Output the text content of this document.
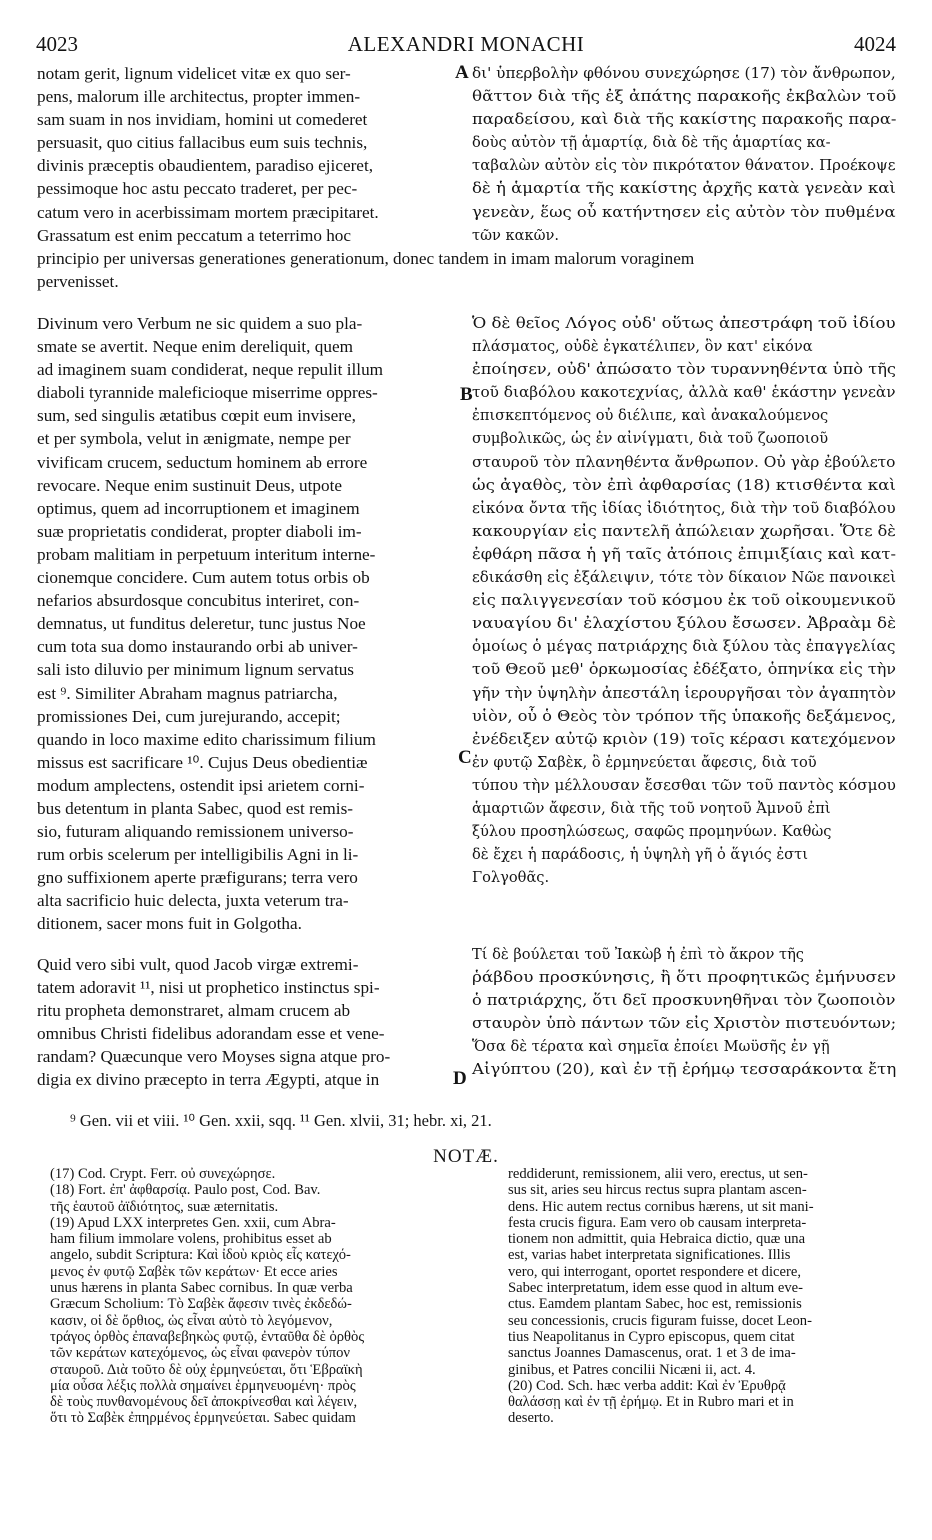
4023	ALEXANDRI MONACHI	4024
notam gerit, lignum videlicet vitæ ex quo ser-
pens, malorum ille architectus, propter immen-
sam suam in nos invidiam, homini ut comederet
persuasit, quo citius fallacibus eum suis technis,
divinis præceptis obaudientem, paradiso ejiceret,
pessimoque hoc astu peccato traderet, per pec-
catum vero in acerbissimam mortem præcipitaret.
Grassatum est enim peccatum a teterrimo hoc
δι' ὑπερβολὴν φθόνου συνεχώρησε (17) τὸν ἄνθρωπον,
θᾶττον διὰ τῆς ἐξ ἀπάτης παρακοῆς ἐκβαλὼν τοῦ
παραδείσου, καὶ διὰ τῆς κακίστης παρακοῆς παρα-
δοὺς αὐτὸν τῇ ἁμαρτίᾳ, διὰ δὲ τῆς ἁμαρτίας κα-
ταβαλὼν αὐτὸν εἰς τὸν πικρότατον θάνατον. Προέκοψε
δὲ ἡ ἁμαρτία τῆς κακίστης ἀρχῆς κατὰ γενεὰν καὶ
γενεὰν, ἕως οὗ κατήντησεν εἰς αὐτὸν τὸν πυθμένα
τῶν κακῶν.
A
principio per universas generationes generationum, donec tandem in imam malorum voraginem
pervenisset.
Divinum vero Verbum ne sic quidem a suo pla-
smate se avertit. Neque enim dereliquit, quem
ad imaginem suam condiderat, neque repulit illum
diaboli tyrannide maleficioque miserrime oppres-
sum, sed singulis ætatibus cœpit eum invisere,
et per symbola, velut in ænigmate, nempe per
vivificam crucem, seductum hominem ab errore
revocare. Neque enim sustinuit Deus, utpote
optimus, quem ad incorruptionem et imaginem
suæ proprietatis condiderat, propter diaboli im-
probam malitiam in perpetuum interitum interne-
cionemque concidere. Cum autem totus orbis ob
nefarios absurdosque concubitus interiret, con-
demnatus, ut funditus deleretur, tunc justus Noe
cum tota sua domo instaurando orbi ab univer-
sali isto diluvio per minimum lignum servatus
est ⁹. Similiter Abraham magnus patriarcha,
promissiones Dei, cum jurejurando, accepit;
quando in loco maxime edito charissimum filium
missus est sacrificare ¹⁰. Cujus Deus obedientiæ
modum amplectens, ostendit ipsi arietem corni-
bus detentum in planta Sabec, quod est remis-
sio, futuram aliquando remissionem universo-
rum orbis scelerum per intelligibilis Agni in li-
gno suffixionem aperte præfigurans; terra vero
alta sacrificio huic delecta, juxta veterum tra-
ditionem, sacer mons fuit in Golgotha.
Ὁ δὲ θεῖος Λόγος οὐδ' οὕτως ἀπεστράφη τοῦ ἰδίου
πλάσματος, οὐδὲ ἐγκατέλιπεν, ὃν κατ' εἰκόνα
ἐποίησεν, οὐδ' ἀπώσατο τὸν τυραννηθέντα ὑπὸ τῆς
τοῦ διαβόλου κακοτεχνίας, ἀλλὰ καθ' ἑκάστην γενεὰν
ἐπισκεπτόμενος οὐ διέλιπε, καὶ ἀνακαλούμενος
συμβολικῶς, ὡς ἐν αἰνίγματι, διὰ τοῦ ζωοποιοῦ
σταυροῦ τὸν πλανηθέντα ἄνθρωπον. Οὐ γὰρ ἐβούλετο
ὡς ἀγαθὸς, τὸν ἐπὶ ἀφθαρσίας (18) κτισθέντα καὶ
εἰκόνα ὄντα τῆς ἰδίας ἰδιότητος, διὰ τὴν τοῦ διαβόλου
κακουργίαν εἰς παντελῆ ἀπώλειαν χωρῆσαι. Ὅτε δὲ
ἐφθάρη πᾶσα ἡ γῆ ταῖς ἀτόποις ἐπιμιξίαις καὶ κατ-
εδικάσθη εἰς ἐξάλειψιν, τότε τὸν δίκαιον Νῶε πανοικεὶ
εἰς παλιγγενεσίαν τοῦ κόσμου ἐκ τοῦ οἰκουμενικοῦ
ναυαγίου δι' ἐλαχίστου ξύλου ἔσωσεν. Ἀβραὰμ δὲ
ὁμοίως ὁ μέγας πατριάρχης διὰ ξύλου τὰς ἐπαγγελίας
τοῦ Θεοῦ μεθ' ὁρκωμοσίας ἐδέξατο, ὁπηνίκα εἰς τὴν
γῆν τὴν ὑψηλὴν ἀπεστάλη ἱερουργῆσαι τὸν ἀγαπητὸν
υἱὸν, οὗ ὁ Θεὸς τὸν τρόπον τῆς ὑπακοῆς δεξάμενος,
ἐνέδειξεν αὐτῷ κριὸν (19) τοῖς κέρασι κατεχόμενον
ἐν φυτῷ Σαβὲκ, ὃ ἑρμηνεύεται ἄφεσις, διὰ τοῦ
τύπου τὴν μέλλουσαν ἔσεσθαι τῶν τοῦ παντὸς κόσμου
ἁμαρτιῶν ἄφεσιν, διὰ τῆς τοῦ νοητοῦ Ἀμνοῦ ἐπὶ
ξύλου προσηλώσεως, σαφῶς προμηνύων. Καθὼς
δὲ ἔχει ἡ παράδοσις, ἡ ὑψηλὴ γῆ ὁ ἅγιός ἐστι
Γολγοθᾶς.
B
C
Quid vero sibi vult, quod Jacob virgæ extremi-
tatem adoravit ¹¹, nisi ut prophetico instinctus spi-
ritu propheta demonstraret, almam crucem ab
omnibus Christi fidelibus adorandam esse et vene-
randam? Quæcunque vero Moyses signa atque pro-
digia ex divino præcepto in terra Ægypti, atque in
Τί δὲ βούλεται τοῦ Ἰακὼβ ἡ ἐπὶ τὸ ἄκρον τῆς
ῥάβδου προσκύνησις, ἢ ὅτι προφητικῶς ἐμήνυσεν
ὁ πατριάρχης, ὅτι δεῖ προσκυνηθῆναι τὸν ζωοποιὸν
σταυρὸν ὑπὸ πάντων τῶν εἰς Χριστὸν πιστευόντων;
Ὅσα δὲ τέρατα καὶ σημεῖα ἐποίει Μωϋσῆς ἐν γῇ
Αἰγύπτου (20), καὶ ἐν τῇ ἐρήμῳ τεσσαράκοντα ἔτη
D
⁹ Gen. vii et viii. ¹⁰ Gen. xxii, sqq. ¹¹ Gen. xlvii, 31; hebr. xi, 21.
NOTÆ.
(17) Cod. Crypt. Ferr. οὐ συνεχώρησε.
(18) Fort. ἐπ' ἀφθαρσίᾳ. Paulo post, Cod. Bav.
τῆς ἑαυτοῦ ἀϊδιότητος, suæ æternitatis.
(19) Apud LXX interpretes Gen. xxii, cum Abra-
ham filium immolare volens, prohibitus esset ab
angelo, subdit Scriptura: Καὶ ἰδοὺ κριὸς εἷς κατεχό-
μενος ἐν φυτῷ Σαβὲκ τῶν κεράτων· Et ecce aries
unus hærens in planta Sabec cornibus. In quæ verba
Græcum Scholium: Τὸ Σαβὲκ ἄφεσιν τινὲς ἐκδεδώ-
κασιν, οἱ δὲ ὄρθιος, ὡς εἶναι αὐτὸ τὸ λεγόμενον,
τράγος ὀρθὸς ἐπαναβεβηκὼς φυτῷ, ἐνταῦθα δὲ ὀρθὸς
τῶν κεράτων κατεχόμενος, ὡς εἶναι φανερὸν τύπον
σταυροῦ. Διὰ τοῦτο δὲ οὐχ ἑρμηνεύεται, ὅτι Ἑβραϊκὴ
μία οὖσα λέξις πολλὰ σημαίνει ἑρμηνευομένη· πρὸς
δὲ τοὺς πυνθανομένους δεῖ ἀποκρίνεσθαι καὶ λέγειν,
ὅτι τὸ Σαβὲκ ἐπηρμένος ἑρμηνεύεται. Sabec quidam
reddiderunt, remissionem, alii vero, erectus, ut sen-
sus sit, aries seu hircus rectus supra plantam ascen-
dens. Hic autem rectus cornibus hærens, ut sit mani-
festa crucis figura. Eam vero ob causam interpreta-
tionem non admittit, quia Hebraica dictio, quæ una
est, varias habet interpretata significationes. Illis
vero, qui interrogant, oportet respondere et dicere,
Sabec interpretatum, idem esse quod in altum eve-
ctus. Eamdem plantam Sabec, hoc est, remissionis
seu concessionis, crucis figuram fuisse, docet Leon-
tius Neapolitanus in Cypro episcopus, quem citat
sanctus Joannes Damascenus, orat. 1 et 3 de ima-
ginibus, et Patres concilii Nicæni ii, act. 4.
(20) Cod. Sch. hæc verba addit: Καὶ ἐν Ἐρυθρᾷ
θαλάσσῃ καὶ ἐν τῇ ἐρήμῳ. Et in Rubro mari et in
deserto.
